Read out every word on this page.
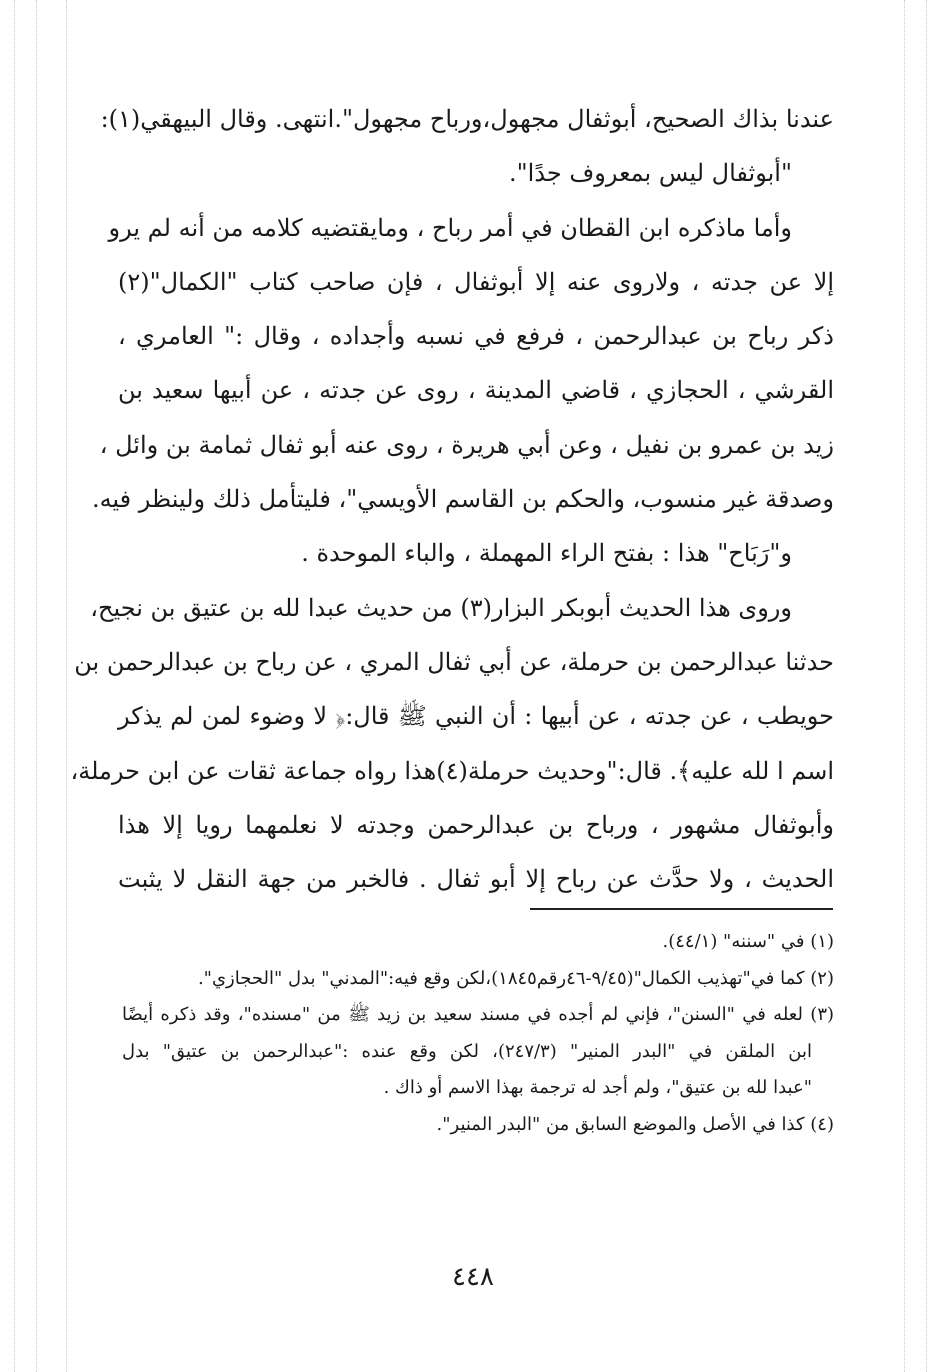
عندنا بذاك الصحيح، أبوثفال مجهول،ورباح مجهول".انتهى. وقال البيهقي(١):
"أبوثفال ليس بمعروف جدًا".
وأما ماذكره ابن القطان في أمر رباح ، ومايقتضيه كلامه من أنه لم يرو
إلا عن جدته ، ولاروى عنه إلا أبوثفال ، فإن صاحب كتاب "الكمال"(٢)
ذكر رباح بن عبدالرحمن ، فرفع في نسبه وأجداده ، وقال :" العامري ،
القرشي ، الحجازي ، قاضي المدينة ، روى عن جدته ، عن أبيها سعيد بن
زيد بن عمرو بن نفيل ، وعن أبي هريرة ، روى عنه أبو ثفال ثمامة بن وائل ،
وصدقة غير منسوب، والحكم بن القاسم الأويسي"، فليتأمل ذلك ولينظر فيه.
و"رَبَاح" هذا : بفتح الراء المهملة ، والباء الموحدة .
وروى هذا الحديث أبوبكر البزار(٣) من حديث عبدا لله بن عتيق بن نجيح،
حدثنا عبدالرحمن بن حرملة، عن أبي ثفال المري ، عن رباح بن عبدالرحمن بن
حويطب ، عن جدته ، عن أبيها : أن النبي ﷺ قال:﴿ لا وضوء لمن لم يذكر
اسم ا لله عليه﴾. قال:"وحديث حرملة(٤)هذا رواه جماعة ثقات عن ابن حرملة،
وأبوثفال مشهور ، ورباح بن عبدالرحمن وجدته لا نعلمهما رويا إلا هذا
الحديث ، ولا حدَّث عن رباح إلا أبو ثفال . فالخبر من جهة النقل لا يثبت
(١) في "سننه" (٤٤/١).
(٢) كما في"تهذيب الكمال"(٩/٤٥-٤٦رقم١٨٤٥)،لكن وقع فيه:"المدني" بدل "الحجازي".
(٣) لعله في "السنن"، فإني لم أجده في مسند سعيد بن زيد ﷺ من "مسنده"، وقد ذكره أيضًا
ابن الملقن في "البدر المنير" (٢٤٧/٣)، لكن وقع عنده :"عبدالرحمن بن عتيق" بدل
"عبدا لله بن عتيق"، ولم أجد له ترجمة بهذا الاسم أو ذاك .
(٤) كذا في الأصل والموضع السابق من "البدر المنير".
٤٤٨
